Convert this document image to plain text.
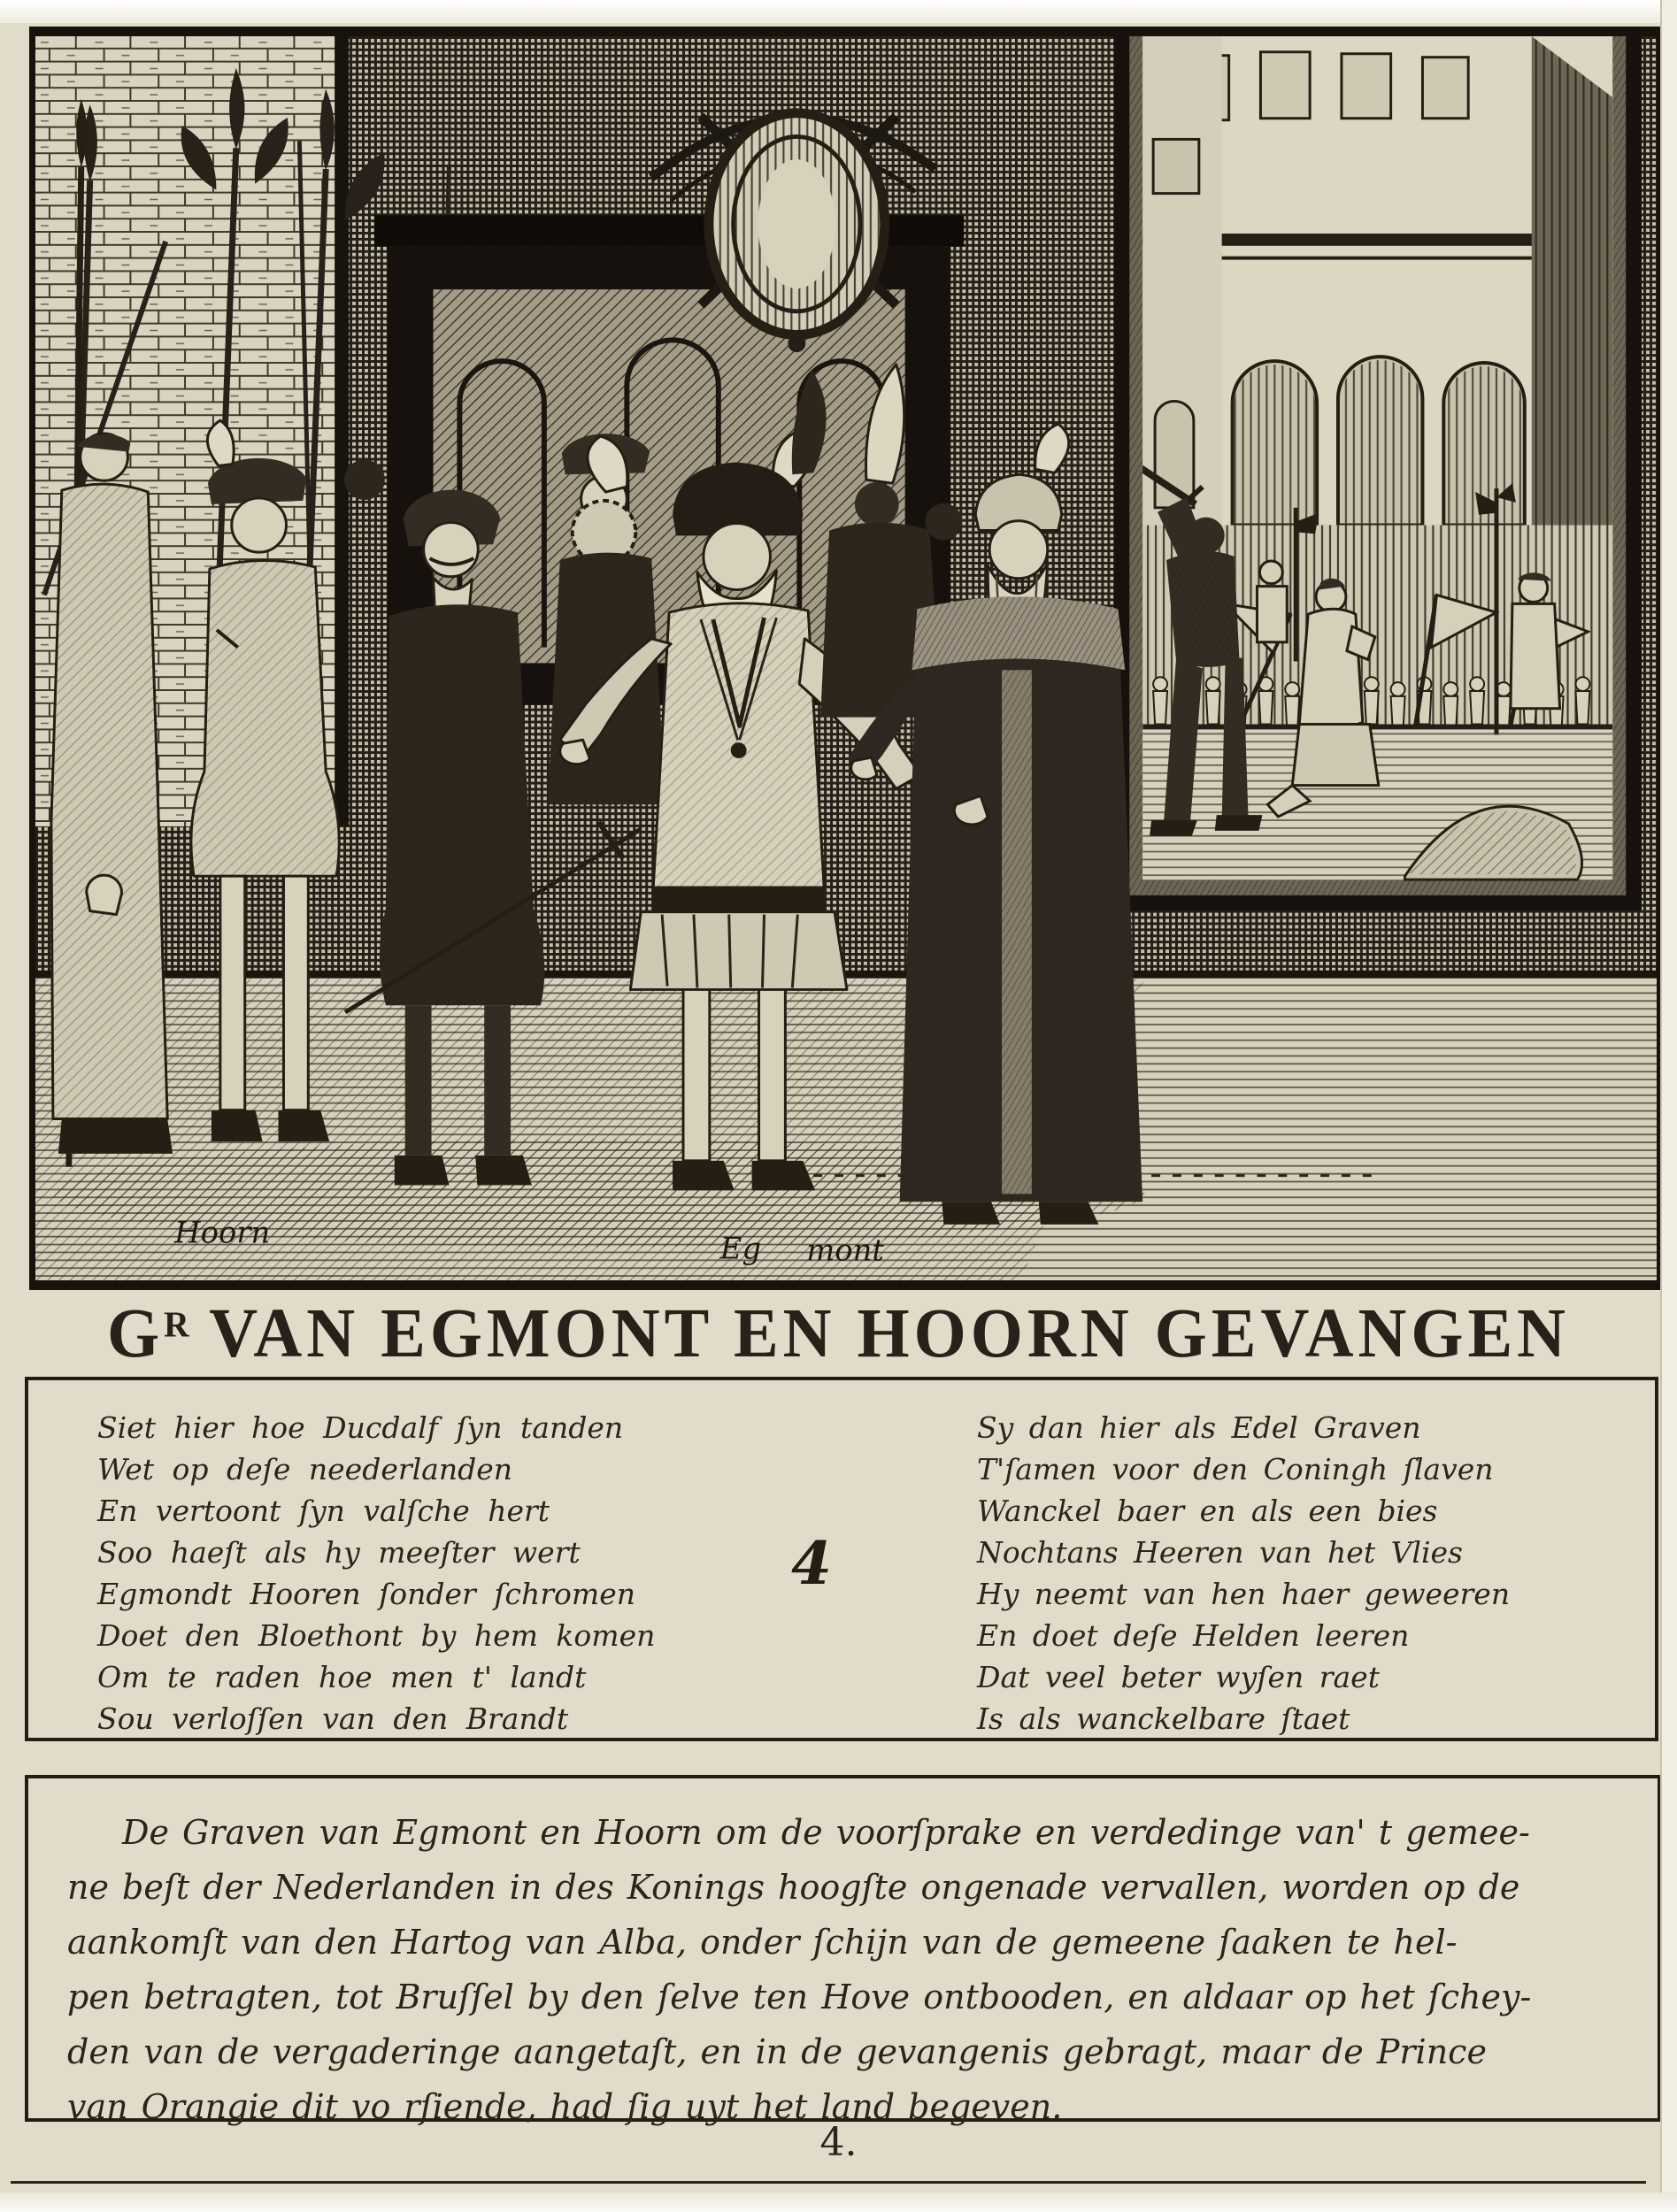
Hoorn	Eg mont
$G^R$ VAN EGMONT EN HOORN GEVANGEN
Siet hier hoe Ducdalf ſyn tanden
Wet op deſe neederlanden
En vertoont ſyn valſche hert
Soo haeſt als hy meeſter wert
Egmondt Hooren ſonder ſchromen
Doet den Bloethont by hem komen
Om te raden hoe men t' landt
Sou verloſſen van den Brandt
4
Sy dan hier als Edel Graven
T'ſamen voor den Coningh ſlaven
Wanckel baer en als een bies
Nochtans Heeren van het Vlies
Hy neemt van hen haer geweeren
En doet deſe Helden leeren
Dat veel beter wyſen raet
Is als wanckelbare ſtaet
De Graven van Egmont en Hoorn om de voorſprake en verdedinge van' t gemee-
ne beſt der Nederlanden in des Konings hoogſte ongenade vervallen, worden op de
aankomſt van den Hartog van Alba, onder ſchijn van de gemeene ſaaken te hel-
pen betragten, tot Bruſſel by den ſelve ten Hove ontbooden, en aldaar op het ſchey-
den van de vergaderinge aangetaſt, en in de gevangenis gebragt, maar de Prince
van Orangie dit vo rſiende, had ſig uyt het land begeven.
4.
